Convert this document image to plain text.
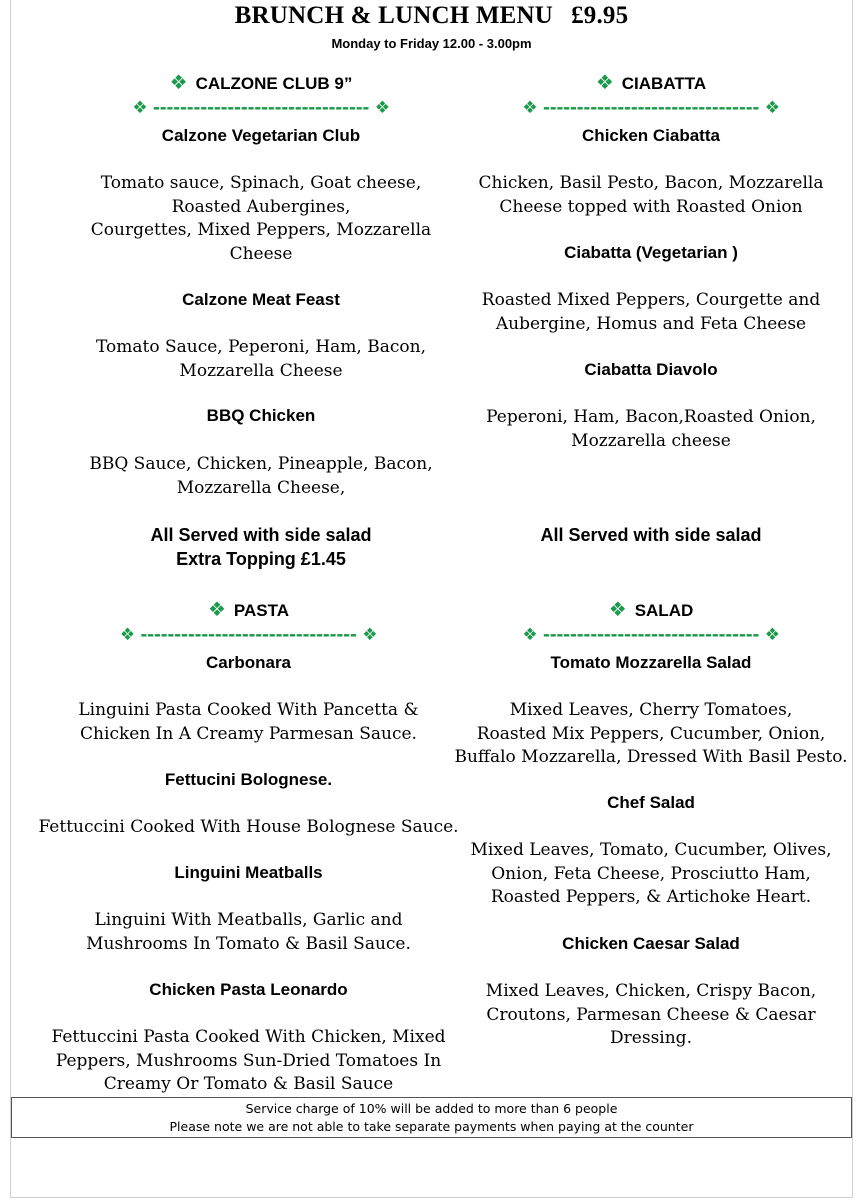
BRUNCH & LUNCH MENU £9.95
Monday to Friday 12.00 - 3.00pm
❖ CALZONE CLUB 9”
❖ -------------------------------- ❖
Calzone Vegetarian Club
Tomato sauce, Spinach, Goat cheese,
Roasted Aubergines,
Courgettes, Mixed Peppers, Mozzarella
Cheese
Calzone Meat Feast
Tomato Sauce, Peperoni, Ham, Bacon,
Mozzarella Cheese
BBQ Chicken
BBQ Sauce, Chicken, Pineapple, Bacon,
Mozzarella Cheese,
All Served with side salad
Extra Topping £1.45
❖ CIABATTA
❖ -------------------------------- ❖
Chicken Ciabatta
Chicken, Basil Pesto, Bacon, Mozzarella
Cheese topped with Roasted Onion
Ciabatta (Vegetarian )
Roasted Mixed Peppers, Courgette and
Aubergine, Homus and Feta Cheese
Ciabatta Diavolo
Peperoni, Ham, Bacon,Roasted Onion,
Mozzarella cheese
All Served with side salad
❖ PASTA
❖ -------------------------------- ❖
Carbonara
Linguini Pasta Cooked With Pancetta &
Chicken In A Creamy Parmesan Sauce.
Fettucini Bolognese.
Fettuccini Cooked With House Bolognese Sauce.
Linguini Meatballs
Linguini With Meatballs, Garlic and
Mushrooms In Tomato & Basil Sauce.
Chicken Pasta Leonardo
Fettuccini Pasta Cooked With Chicken, Mixed
Peppers, Mushrooms Sun-Dried Tomatoes In
Creamy Or Tomato & Basil Sauce
❖ SALAD
❖ -------------------------------- ❖
Tomato Mozzarella Salad
Mixed Leaves, Cherry Tomatoes,
Roasted Mix Peppers, Cucumber, Onion,
Buffalo Mozzarella, Dressed With Basil Pesto.
Chef Salad
Mixed Leaves, Tomato, Cucumber, Olives,
Onion, Feta Cheese, Prosciutto Ham,
Roasted Peppers, & Artichoke Heart.
Chicken Caesar Salad
Mixed Leaves, Chicken, Crispy Bacon,
Croutons, Parmesan Cheese & Caesar
Dressing.
Service charge of 10% will be added to more than 6 people
Please note we are not able to take separate payments when paying at the counter
